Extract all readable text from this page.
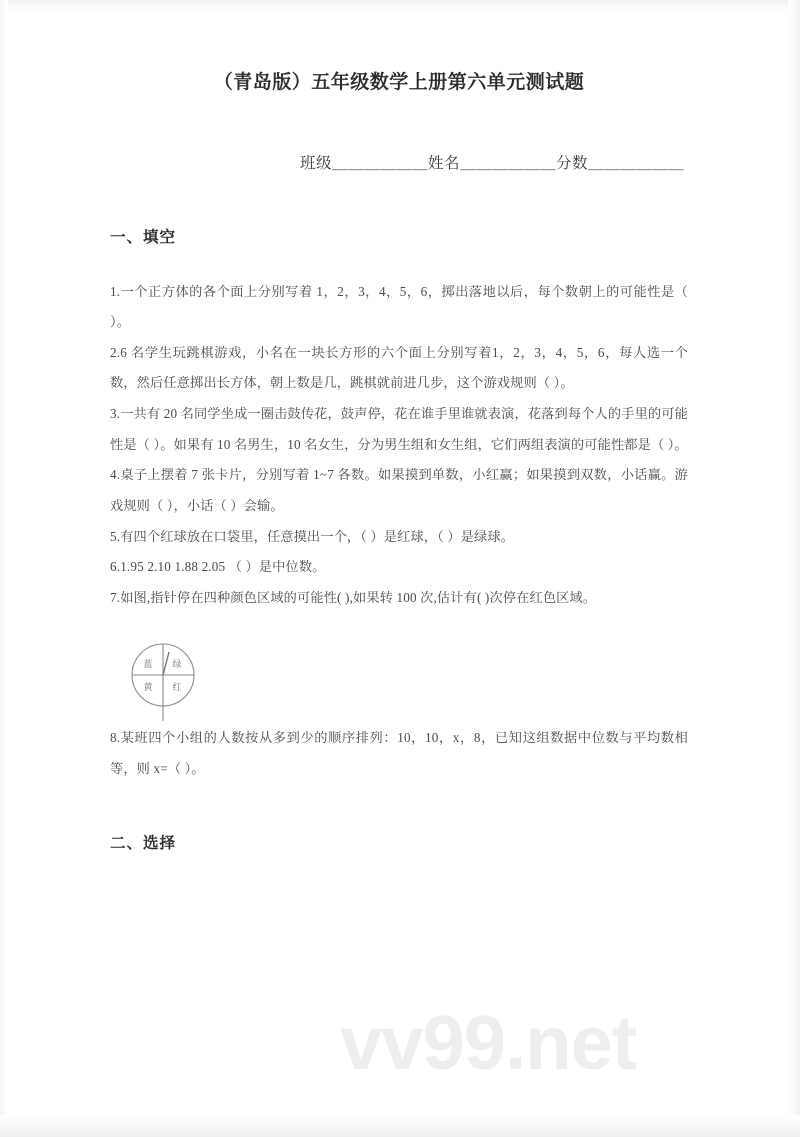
vv99.net
（青岛版）五年级数学上册第六单元测试题
班级＿＿＿＿＿＿姓名＿＿＿＿＿＿分数＿＿＿＿＿＿
一、填空

1.一个正方体的各个面上分别写着 1，2，3，4，5，6，掷出落地以后，每个数朝上的可能性是（ ）。

2.6 名学生玩跳棋游戏，小名在一块长方形的六个面上分别写着1，2，3，4，5，6，每人选一个数，然后任意掷出长方体，朝上数是几，跳棋就前进几步，这个游戏规则（ ）。

3.一共有 20 名同学坐成一圈击鼓传花，鼓声停，花在谁手里谁就表演，花落到每个人的手里的可能性是（ ）。如果有 10 名男生，10 名女生，分为男生组和女生组，它们两组表演的可能性都是（ ）。

4.桌子上摆着 7 张卡片，分别写着 1~7 各数。如果摸到单数，小红赢；如果摸到双数，小话赢。游戏规则（ ），小话（ ）会输。

5.有四个红球放在口袋里，任意摸出一个，（ ）是红球，（ ）是绿球。

6.1.95 2.10 1.88 2.05 （ ）是中位数。

7.如图,指针停在四种颜色区域的可能性( ),如果转 100 次,估计有( )次停在红色区域。

蓝 绿
黄 红

8.某班四个小组的人数按从多到少的顺序排列：10，10，x，8，已知这组数据中位数与平均数相等，则 x=（ ）。

二、选择
